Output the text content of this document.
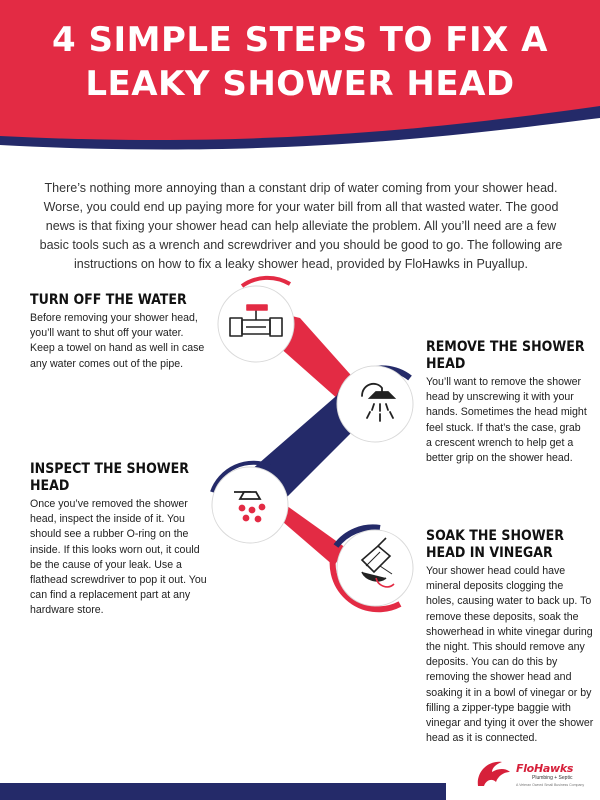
4 SIMPLE STEPS TO FIX A
LEAKY SHOWER HEAD
There’s nothing more annoying than a constant drip of water coming from your shower head. Worse, you could end up paying more for your water bill from all that wasted water. The good news is that fixing your shower head can help alleviate the problem. All you’ll need are a few basic tools such as a wrench and screwdriver and you should be good to go. The following are instructions on how to fix a leaky shower head, provided by FloHawks in Puyallup.
TURN OFF THE WATER

Before removing your shower head, you’ll want to shut off your water. Keep a towel on hand as well in case any water comes out of the pipe.

REMOVE THE SHOWER HEAD

You’ll want to remove the shower head by unscrewing it with your hands. Sometimes the head might feel stuck. If that’s the case, grab a crescent wrench to help get a better grip on the shower head.

INSPECT THE SHOWER HEAD

Once you’ve removed the shower head, inspect the inside of it. You should see a rubber O-ring on the inside. If this looks worn out, it could be the cause of your leak. Use a flathead screwdriver to pop it out. You can find a replacement part at any hardware store.

SOAK THE SHOWER HEAD IN VINEGAR

Your shower head could have mineral deposits clogging the holes, causing water to back up. To remove these deposits, soak the showerhead in white vinegar during the night. This should remove any deposits. You can do this by removing the shower head and soaking it in a bowl of vinegar or by filling a zipper-type baggie with vinegar and tying it over the shower head as it is connected.

FloHawks
Plumbing + Septic
A Veteran Owned Small Business Company
